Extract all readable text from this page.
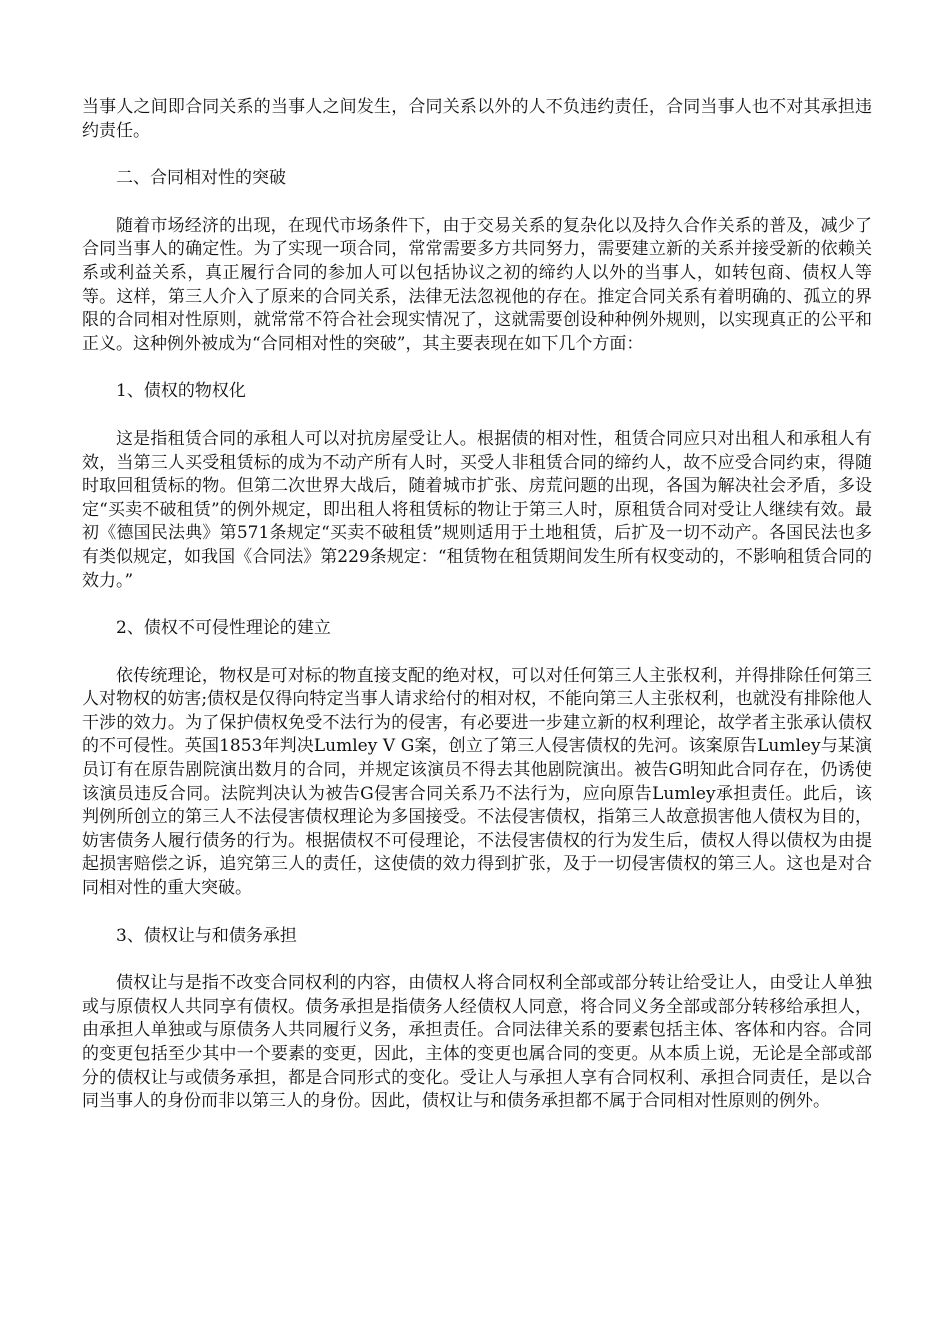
当事人之间即合同关系的当事人之间发生，合同关系以外的人不负违约责任，合同当事人也不对其承担违约责任。

二、合同相对性的突破

随着市场经济的出现，在现代市场条件下，由于交易关系的复杂化以及持久合作关系的普及，减少了合同当事人的确定性。为了实现一项合同，常常需要多方共同努力，需要建立新的关系并接受新的依赖关系或利益关系，真正履行合同的参加人可以包括协议之初的缔约人以外的当事人，如转包商、债权人等等。这样，第三人介入了原来的合同关系，法律无法忽视他的存在。推定合同关系有着明确的、孤立的界限的合同相对性原则，就常常不符合社会现实情况了，这就需要创设种种例外规则，以实现真正的公平和正义。这种例外被成为“合同相对性的突破”，其主要表现在如下几个方面：

1、债权的物权化

这是指租赁合同的承租人可以对抗房屋受让人。根据债的相对性，租赁合同应只对出租人和承租人有效，当第三人买受租赁标的成为不动产所有人时，买受人非租赁合同的缔约人，故不应受合同约束，得随时取回租赁标的物。但第二次世界大战后，随着城市扩张、房荒问题的出现，各国为解决社会矛盾，多设定“买卖不破租赁”的例外规定，即出租人将租赁标的物让于第三人时，原租赁合同对受让人继续有效。最初《德国民法典》第571条规定“买卖不破租赁”规则适用于土地租赁，后扩及一切不动产。各国民法也多有类似规定，如我国《合同法》第229条规定：“租赁物在租赁期间发生所有权变动的，不影响租赁合同的效力。”

2、债权不可侵性理论的建立

依传统理论，物权是可对标的物直接支配的绝对权，可以对任何第三人主张权利，并得排除任何第三人对物权的妨害;债权是仅得向特定当事人请求给付的相对权，不能向第三人主张权利，也就没有排除他人干涉的效力。为了保护债权免受不法行为的侵害，有必要进一步建立新的权利理论，故学者主张承认债权的不可侵性。英国1853年判决Lumley V G案，创立了第三人侵害债权的先河。该案原告Lumley与某演员订有在原告剧院演出数月的合同，并规定该演员不得去其他剧院演出。被告G明知此合同存在，仍诱使该演员违反合同。法院判决认为被告G侵害合同关系乃不法行为，应向原告Lumley承担责任。此后，该判例所创立的第三人不法侵害债权理论为多国接受。不法侵害债权，指第三人故意损害他人债权为目的，妨害债务人履行债务的行为。根据债权不可侵理论，不法侵害债权的行为发生后，债权人得以债权为由提起损害赔偿之诉，追究第三人的责任，这使债的效力得到扩张，及于一切侵害债权的第三人。这也是对合同相对性的重大突破。

3、债权让与和债务承担

债权让与是指不改变合同权利的内容，由债权人将合同权利全部或部分转让给受让人，由受让人单独或与原债权人共同享有债权。债务承担是指债务人经债权人同意，将合同义务全部或部分转移给承担人，由承担人单独或与原债务人共同履行义务，承担责任。合同法律关系的要素包括主体、客体和内容。合同的变更包括至少其中一个要素的变更，因此，主体的变更也属合同的变更。从本质上说，无论是全部或部分的债权让与或债务承担，都是合同形式的变化。受让人与承担人享有合同权利、承担合同责任，是以合同当事人的身份而非以第三人的身份。因此，债权让与和债务承担都不属于合同相对性原则的例外。
